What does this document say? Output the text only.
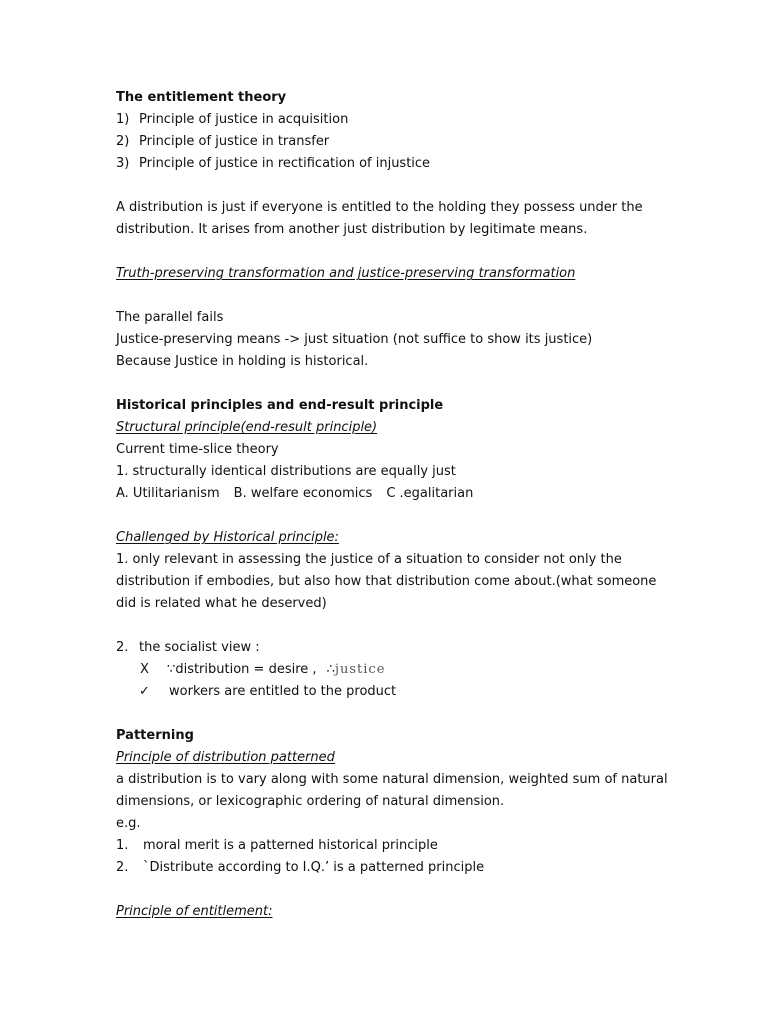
The entitlement theory
1) Principle of justice in acquisition
2) Principle of justice in transfer
3) Principle of justice in rectification of injustice
A distribution is just if everyone is entitled to the holding they possess under the
distribution. It arises from another just distribution by legitimate means.
Truth-preserving transformation and justice-preserving transformation
The parallel fails
Justice-preserving means -> just situation (not suffice to show its justice)
Because Justice in holding is historical.
Historical principles and end-result principle
Structural principle(end-result principle)
Current time-slice theory
1. structurally identical distributions are equally just
A. Utilitarianism B. welfare economics C .egalitarian
Challenged by Historical principle:
1. only relevant in assessing the justice of a situation to consider not only the
distribution if embodies, but also how that distribution come about.(what someone
did is related what he deserved)
2. the socialist view :
X ∵distribution = desire , ∴justice
✓ workers are entitled to the product
Patterning
Principle of distribution patterned
a distribution is to vary along with some natural dimension, weighted sum of natural
dimensions, or lexicographic ordering of natural dimension.
e.g.
1. moral merit is a patterned historical principle
2. `Distribute according to I.Q.’ is a patterned principle
Principle of entitlement:
